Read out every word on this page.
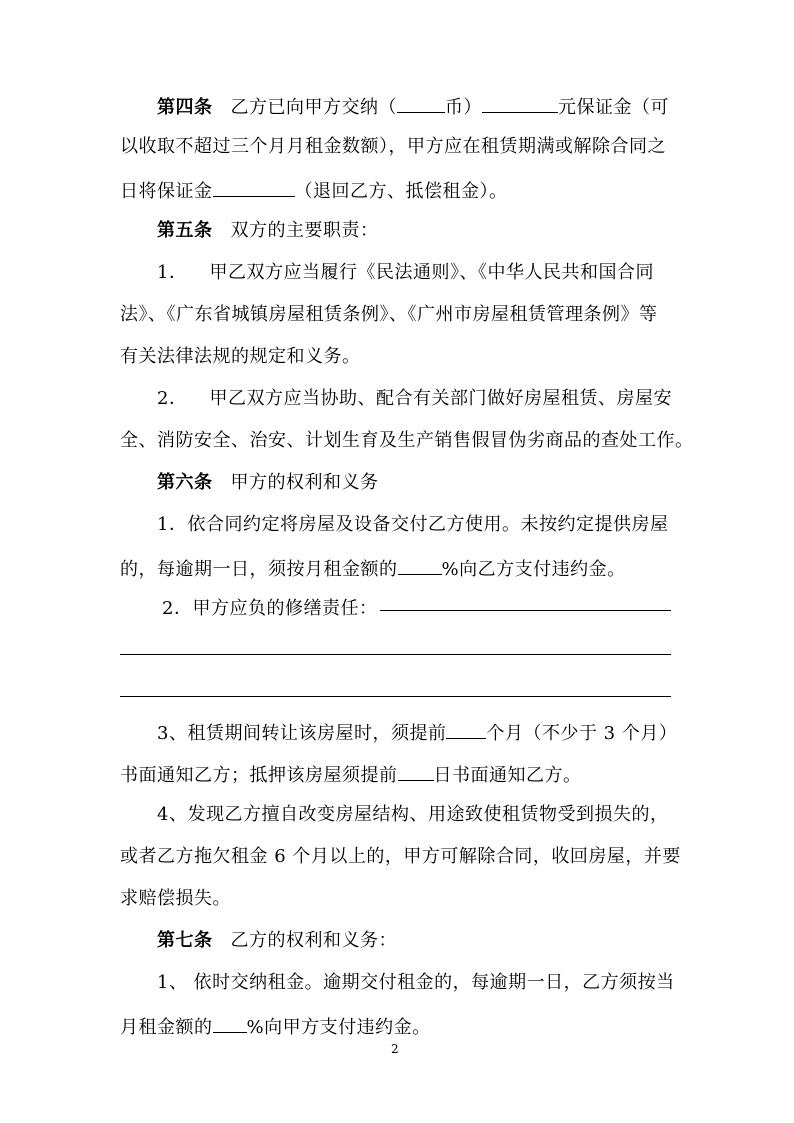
第四条 乙方已向甲方交纳（	币）	元保证金（可
以收取不超过三个月月租金数额），甲方应在租赁期满或解除合同之
日将保证金	（退回乙方、抵偿租金）。
第五条 双方的主要职责：
1． 甲乙双方应当履行《民法通则》、《中华人民共和国合同
法》、《广东省城镇房屋租赁条例》、《广州市房屋租赁管理条例》等
有关法律法规的规定和义务。
2． 甲乙双方应当协助、配合有关部门做好房屋租赁、房屋安
全、消防安全、治安、计划生育及生产销售假冒伪劣商品的查处工作。
第六条 甲方的权利和义务
1．依合同约定将房屋及设备交付乙方使用。未按约定提供房屋
的，每逾期一日，须按月租金额的 %向乙方支付违约金。
2．甲方应负的修缮责任：
3、租赁期间转让该房屋时，须提前 个月（不少于 3 个月）
书面通知乙方；抵押该房屋须提前 日书面通知乙方。
4、发现乙方擅自改变房屋结构、用途致使租赁物受到损失的，
或者乙方拖欠租金 6 个月以上的，甲方可解除合同，收回房屋，并要
求赔偿损失。
第七条 乙方的权利和义务：
1、 依时交纳租金。逾期交付租金的，每逾期一日，乙方须按当
月租金额的 %向甲方支付违约金。
2
